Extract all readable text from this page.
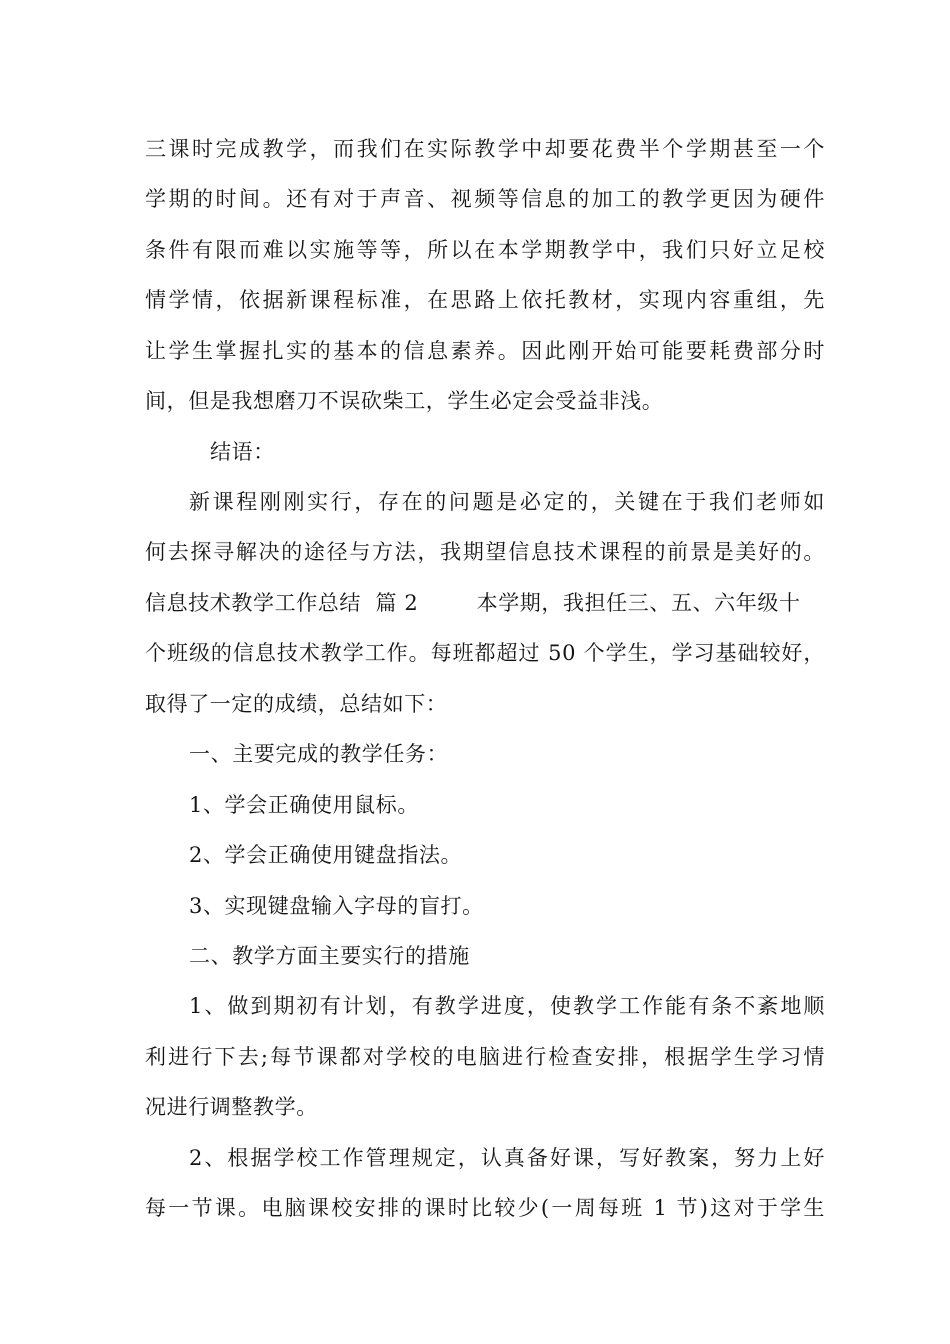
三课时完成教学，而我们在实际教学中却要花费半个学期甚至一个
学期的时间。还有对于声音、视频等信息的加工的教学更因为硬件
条件有限而难以实施等等，所以在本学期教学中，我们只好立足校
情学情，依据新课程标准，在思路上依托教材，实现内容重组，先
让学生掌握扎实的基本的信息素养。因此刚开始可能要耗费部分时
间，但是我想磨刀不误砍柴工，学生必定会受益非浅。
结语：
新课程刚刚实行，存在的问题是必定的，关键在于我们老师如
何去探寻解决的途径与方法，我期望信息技术课程的前景是美好的。
信息技术教学工作总结  篇 2        本学期，我担任三、五、六年级十
个班级的信息技术教学工作。每班都超过 50 个学生，学习基础较好，
取得了一定的成绩，总结如下：
一、主要完成的教学任务：
1、学会正确使用鼠标。
2、学会正确使用键盘指法。
3、实现键盘输入字母的盲打。
二、教学方面主要实行的措施
1、做到期初有计划，有教学进度，使教学工作能有条不紊地顺
利进行下去;每节课都对学校的电脑进行检查安排，根据学生学习情
况进行调整教学。
2、根据学校工作管理规定，认真备好课，写好教案，努力上好
每一节课。电脑课校安排的课时比较少(一周每班 1 节)这对于学生
